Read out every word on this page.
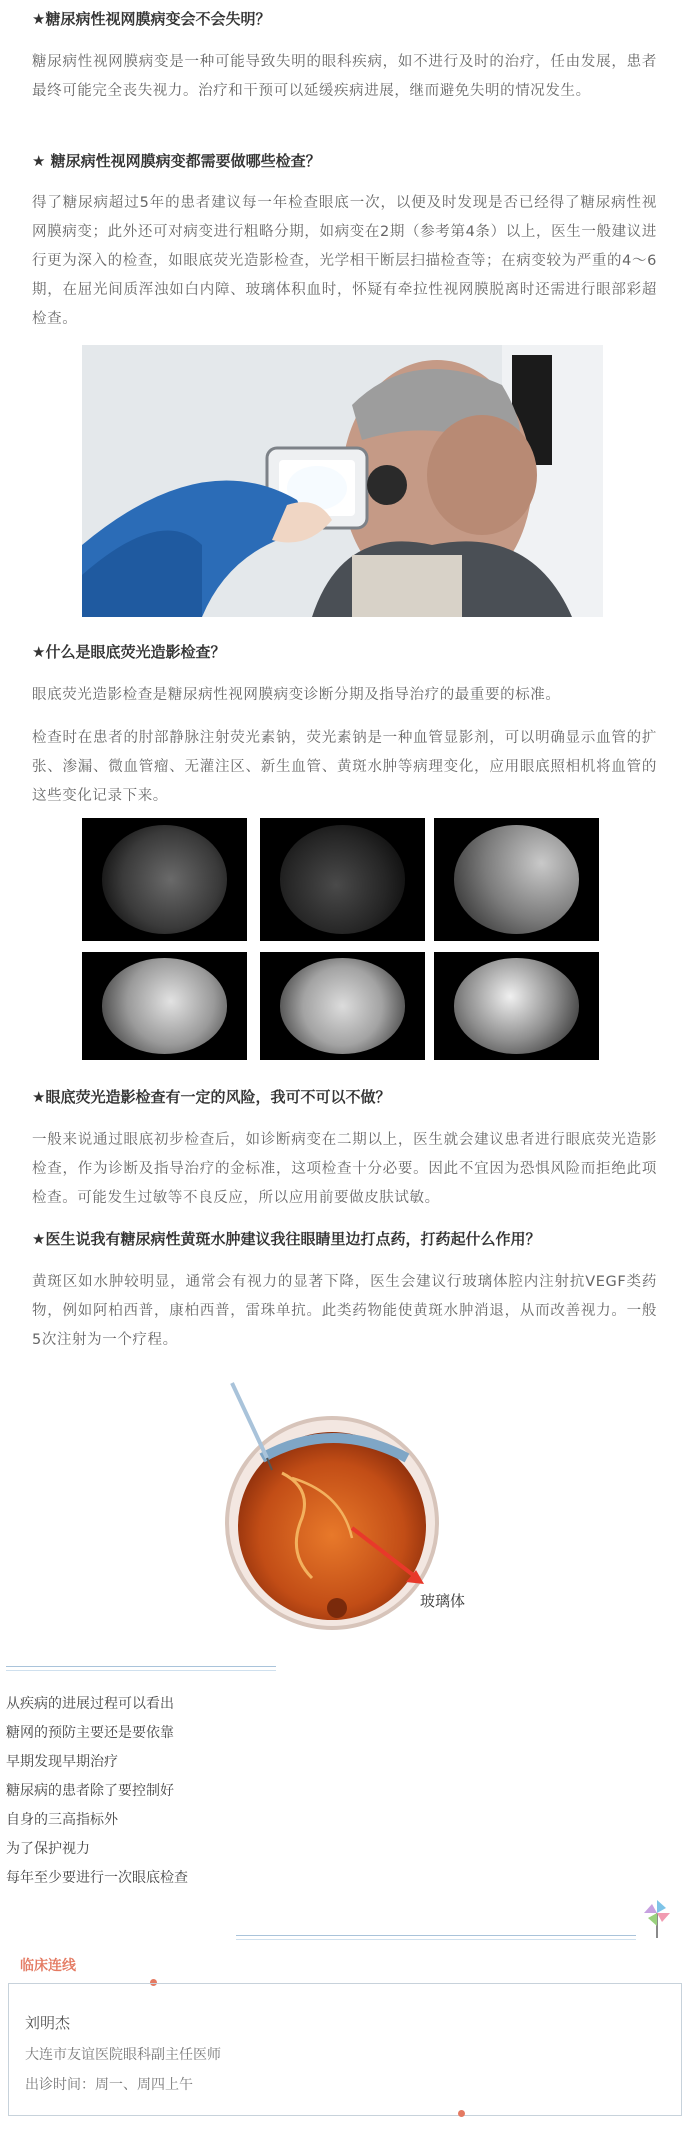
★糖尿病性视网膜病变会不会失明？

糖尿病性视网膜病变是一种可能导致失明的眼科疾病，如不进行及时的治疗，任由发展，患者最终可能完全丧失视力。治疗和干预可以延缓疾病进展，继而避免失明的情况发生。

★ 糖尿病性视网膜病变都需要做哪些检查？

得了糖尿病超过5年的患者建议每一年检查眼底一次，以便及时发现是否已经得了糖尿病性视网膜病变；此外还可对病变进行粗略分期，如病变在2期（参考第4条）以上，医生一般建议进行更为深入的检查，如眼底荧光造影检查，光学相干断层扫描检查等；在病变较为严重的4～6期，在屈光间质浑浊如白内障、玻璃体积血时，怀疑有牵拉性视网膜脱离时还需进行眼部彩超检查。

★什么是眼底荧光造影检查？

眼底荧光造影检查是糖尿病性视网膜病变诊断分期及指导治疗的最重要的标准。

检查时在患者的肘部静脉注射荧光素钠，荧光素钠是一种血管显影剂，可以明确显示血管的扩张、渗漏、微血管瘤、无灌注区、新生血管、黄斑水肿等病理变化，应用眼底照相机将血管的这些变化记录下来。

★眼底荧光造影检查有一定的风险，我可不可以不做？

一般来说通过眼底初步检查后，如诊断病变在二期以上，医生就会建议患者进行眼底荧光造影检查，作为诊断及指导治疗的金标准，这项检查十分必要。因此不宜因为恐惧风险而拒绝此项检查。可能发生过敏等不良反应，所以应用前要做皮肤试敏。

★医生说我有糖尿病性黄斑水肿建议我往眼睛里边打点药，打药起什么作用？

黄斑区如水肿较明显，通常会有视力的显著下降，医生会建议行玻璃体腔内注射抗VEGF类药物，例如阿柏西普，康柏西普，雷珠单抗。此类药物能使黄斑水肿消退，从而改善视力。一般5次注射为一个疗程。

玻璃体
从疾病的进展过程可以看出
糖网的预防主要还是要依靠
早期发现早期治疗
糖尿病的患者除了要控制好
自身的三高指标外
为了保护视力
每年至少要进行一次眼底检查
临床连线
刘明杰
大连市友谊医院眼科副主任医师
出诊时间：周一、周四上午
